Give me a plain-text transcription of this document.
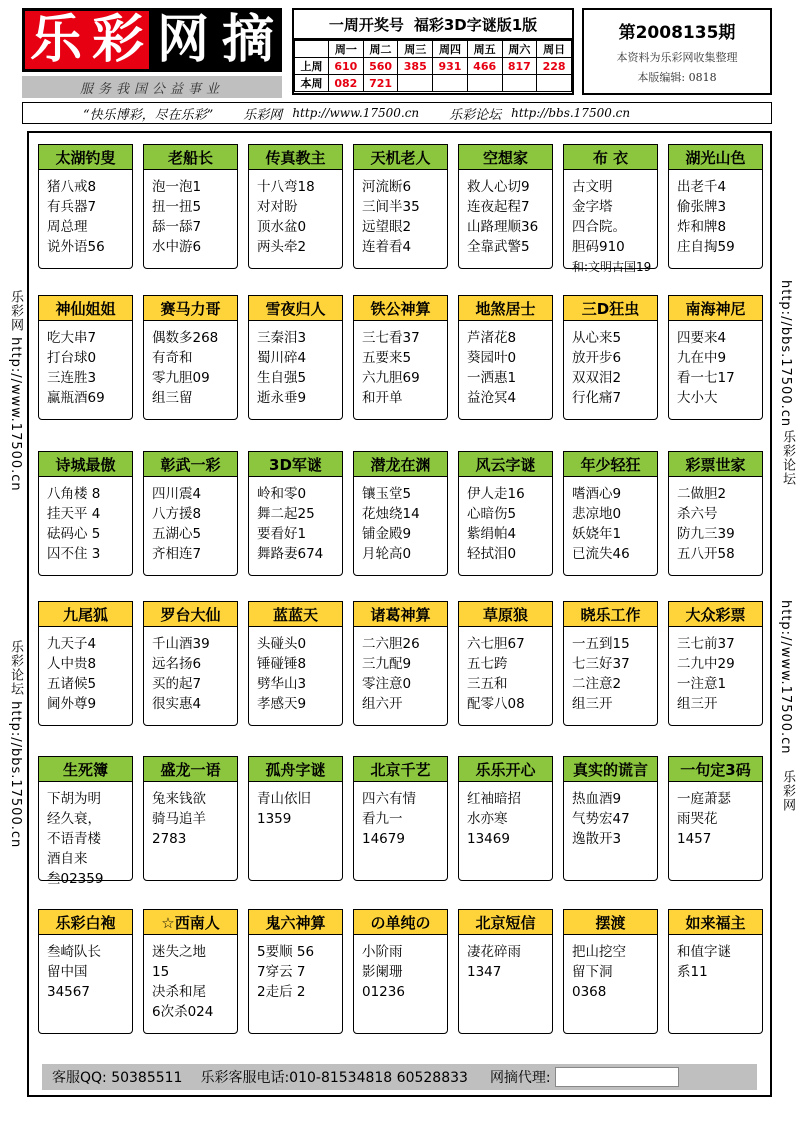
乐 彩 网 摘
服务我国公益事业
一周开奖号 福彩3D字谜版1版
	周一	周二	周三	周四	周五	周六	周日
上周	610	560	385	931	466	817	228
本周	082	721					
第2008135期
本资料为乐彩网收集整理
本版编辑: 0818
“快乐博彩，尽在乐彩” 乐彩网 http://www.17500.cn 乐彩论坛 http://bbs.17500.cn
乐彩网 http://www.17500.cn
乐彩论坛 http://bbs.17500.cn
http://bbs.17500.cn
乐彩论坛
http://www.17500.cn
乐彩网
太湖钓叟
猪八戒8
有兵器7
周总理
说外语56
老船长
泡一泡1
扭一扭5
舔一舔7
水中游6
传真教主
十八弯18
对对盼
顶水盆0
两头牵2
天机老人
河流断6
三间半35
远望眼2
连着看4
空想家
救人心切9
连夜起程7
山路理顺36
全靠武警5
布 衣
古文明
金字塔
四合院。
胆码910
和:文明古国19
湖光山色
出老千4
偷张牌3
炸和牌8
庄自掏59
神仙姐姐
吃大串7
打台球0
三连胜3
赢瓶酒69
赛马力哥
偶数多268
有奇和
零九胆09
组三留
雪夜归人
三秦泪3
蜀川碎4
生自强5
逝永垂9
铁公神算
三七看37
五要来5
六九胆69
和开单
地煞居士
芦渚花8
葵园叶0
一洒惠1
益沧冥4
三D狂虫
从心来5
放开步6
双双泪2
行化痛7
南海神尼
四要来4
九在中9
看一七17
大小大
诗城最傲
八角楼 8
挂天平 4
砝码心 5
囚不住 3
彰武一彩
四川震4
八方援8
五湖心5
齐相连7
3D军谜
岭和零0
舞二起25
要看好1
舞路妻674
潜龙在渊
镶玉堂5
花烛绕14
铺金殿9
月轮高0
风云字谜
伊人走16
心暗伤5
紫绢帕4
轻拭泪0
年少轻狂
嗜酒心9
悲凉地0
妖娆年1
已流失46
彩票世家
二做胆2
杀六号
防九三39
五八开58
九尾狐
九天子4
人中贵8
五诸候5
阃外尊9
罗台大仙
千山酒39
远名扬6
买的起7
很实惠4
蓝蓝天
头碰头0
锤碰锤8
劈华山3
孝感天9
诸葛神算
二六胆26
三九配9
零注意0
组六开
草原狼
六七胆67
五七跨
三五和
配零八08
晓乐工作
一五到15
七三好37
二注意2
组三开
大众彩票
三七前37
二九中29
一注意1
组三开
生死簿
下胡为明
经久衰，
不语青楼
酒自来
叁02359
盛龙一语
兔来钱欲
骑马追羊
2783
孤舟字谜
青山依旧
1359
北京千艺
四六有情
看九一
14679
乐乐开心
红袖暗招
水亦寒
13469
真实的谎言
热血酒9
气势宏47
逸散开3
一句定3码
一庭萧瑟
雨哭花
1457
乐彩白袍
叁崎队长
留中国
34567
☆西南人
迷失之地
15
决杀和尾
6次杀024
鬼六神算
5要顺 56
7穿云 7
2走后 2
の单纯の
小阶雨
影阑珊
01236
北京短信
凄花碎雨
1347
摆渡
把山挖空
留下洞
0368
如来福主
和值字谜
系11
客服QQ: 50385511 乐彩客服电话:010-81534818 60528833 网摘代理:
